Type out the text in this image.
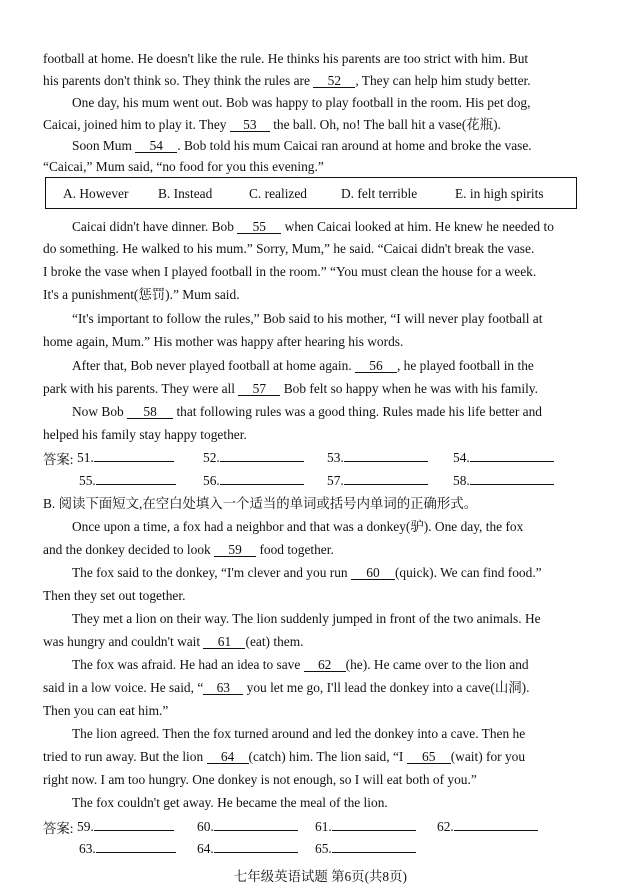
football at home. He doesn't like the rule. He thinks his parents are too strict with him. But
his parents don't think so. They think the rules are 52 , They can help him study better.
One day, his mum went out. Bob was happy to play football in the room. His pet dog,
Caicai, joined him to play it. They 53 the ball. Oh, no! The ball hit a vase(花瓶).
Soon Mum 54 . Bob told his mum Caicai ran around at home and broke the vase.
“Caicai,” Mum said, “no food for you this evening.”
A. However B. Instead	C. realized	D. felt terrible	E. in high spirits
Caicai didn't have dinner. Bob 55 when Caicai looked at him. He knew he needed to
do something. He walked to his mum.” Sorry, Mum,” he said. “Caicai didn't break the vase.
I broke the vase when I played football in the room.” “You must clean the house for a week.
It's a punishment(惩罚).” Mum said.
“It's important to follow the rules,” Bob said to his mother, “I will never play football at
home again, Mum.” His mother was happy after hearing his words.
After that, Bob never played football at home again. 56 , he played football in the
park with his parents. They were all 57 Bob felt so happy when he was with his family.
Now Bob 58 that following rules was a good thing. Rules made his life better and
helped his family stay happy together.
答案: 51.	52.	53.	54.
55.	56.	57.	58.
B. 阅读下面短文,在空白处填入一个适当的单词或括号内单词的正确形式。
Once upon a time, a fox had a neighbor and that was a donkey(驴). One day, the fox
and the donkey decided to look 59 food together.
The fox said to the donkey, “I'm clever and you run 60 (quick). We can find food.”
Then they set out together.
They met a lion on their way. The lion suddenly jumped in front of the two animals. He
was hungry and couldn't wait 61 (eat) them.
The fox was afraid. He had an idea to save 62 (he). He came over to the lion and
said in a low voice. He said, “ 63 you let me go, I'll lead the donkey into a cave(山洞).
Then you can eat him.”
The lion agreed. Then the fox turned around and led the donkey into a cave. Then he
tried to run away. But the lion 64 (catch) him. The lion said, “I 65 (wait) for you
right now. I am too hungry. One donkey is not enough, so I will eat both of you.”
The fox couldn't get away. He became the meal of the lion.
答案: 59.	60.	61.	62.
63.	64.	65.
七年级英语试题 第6页(共8页)
